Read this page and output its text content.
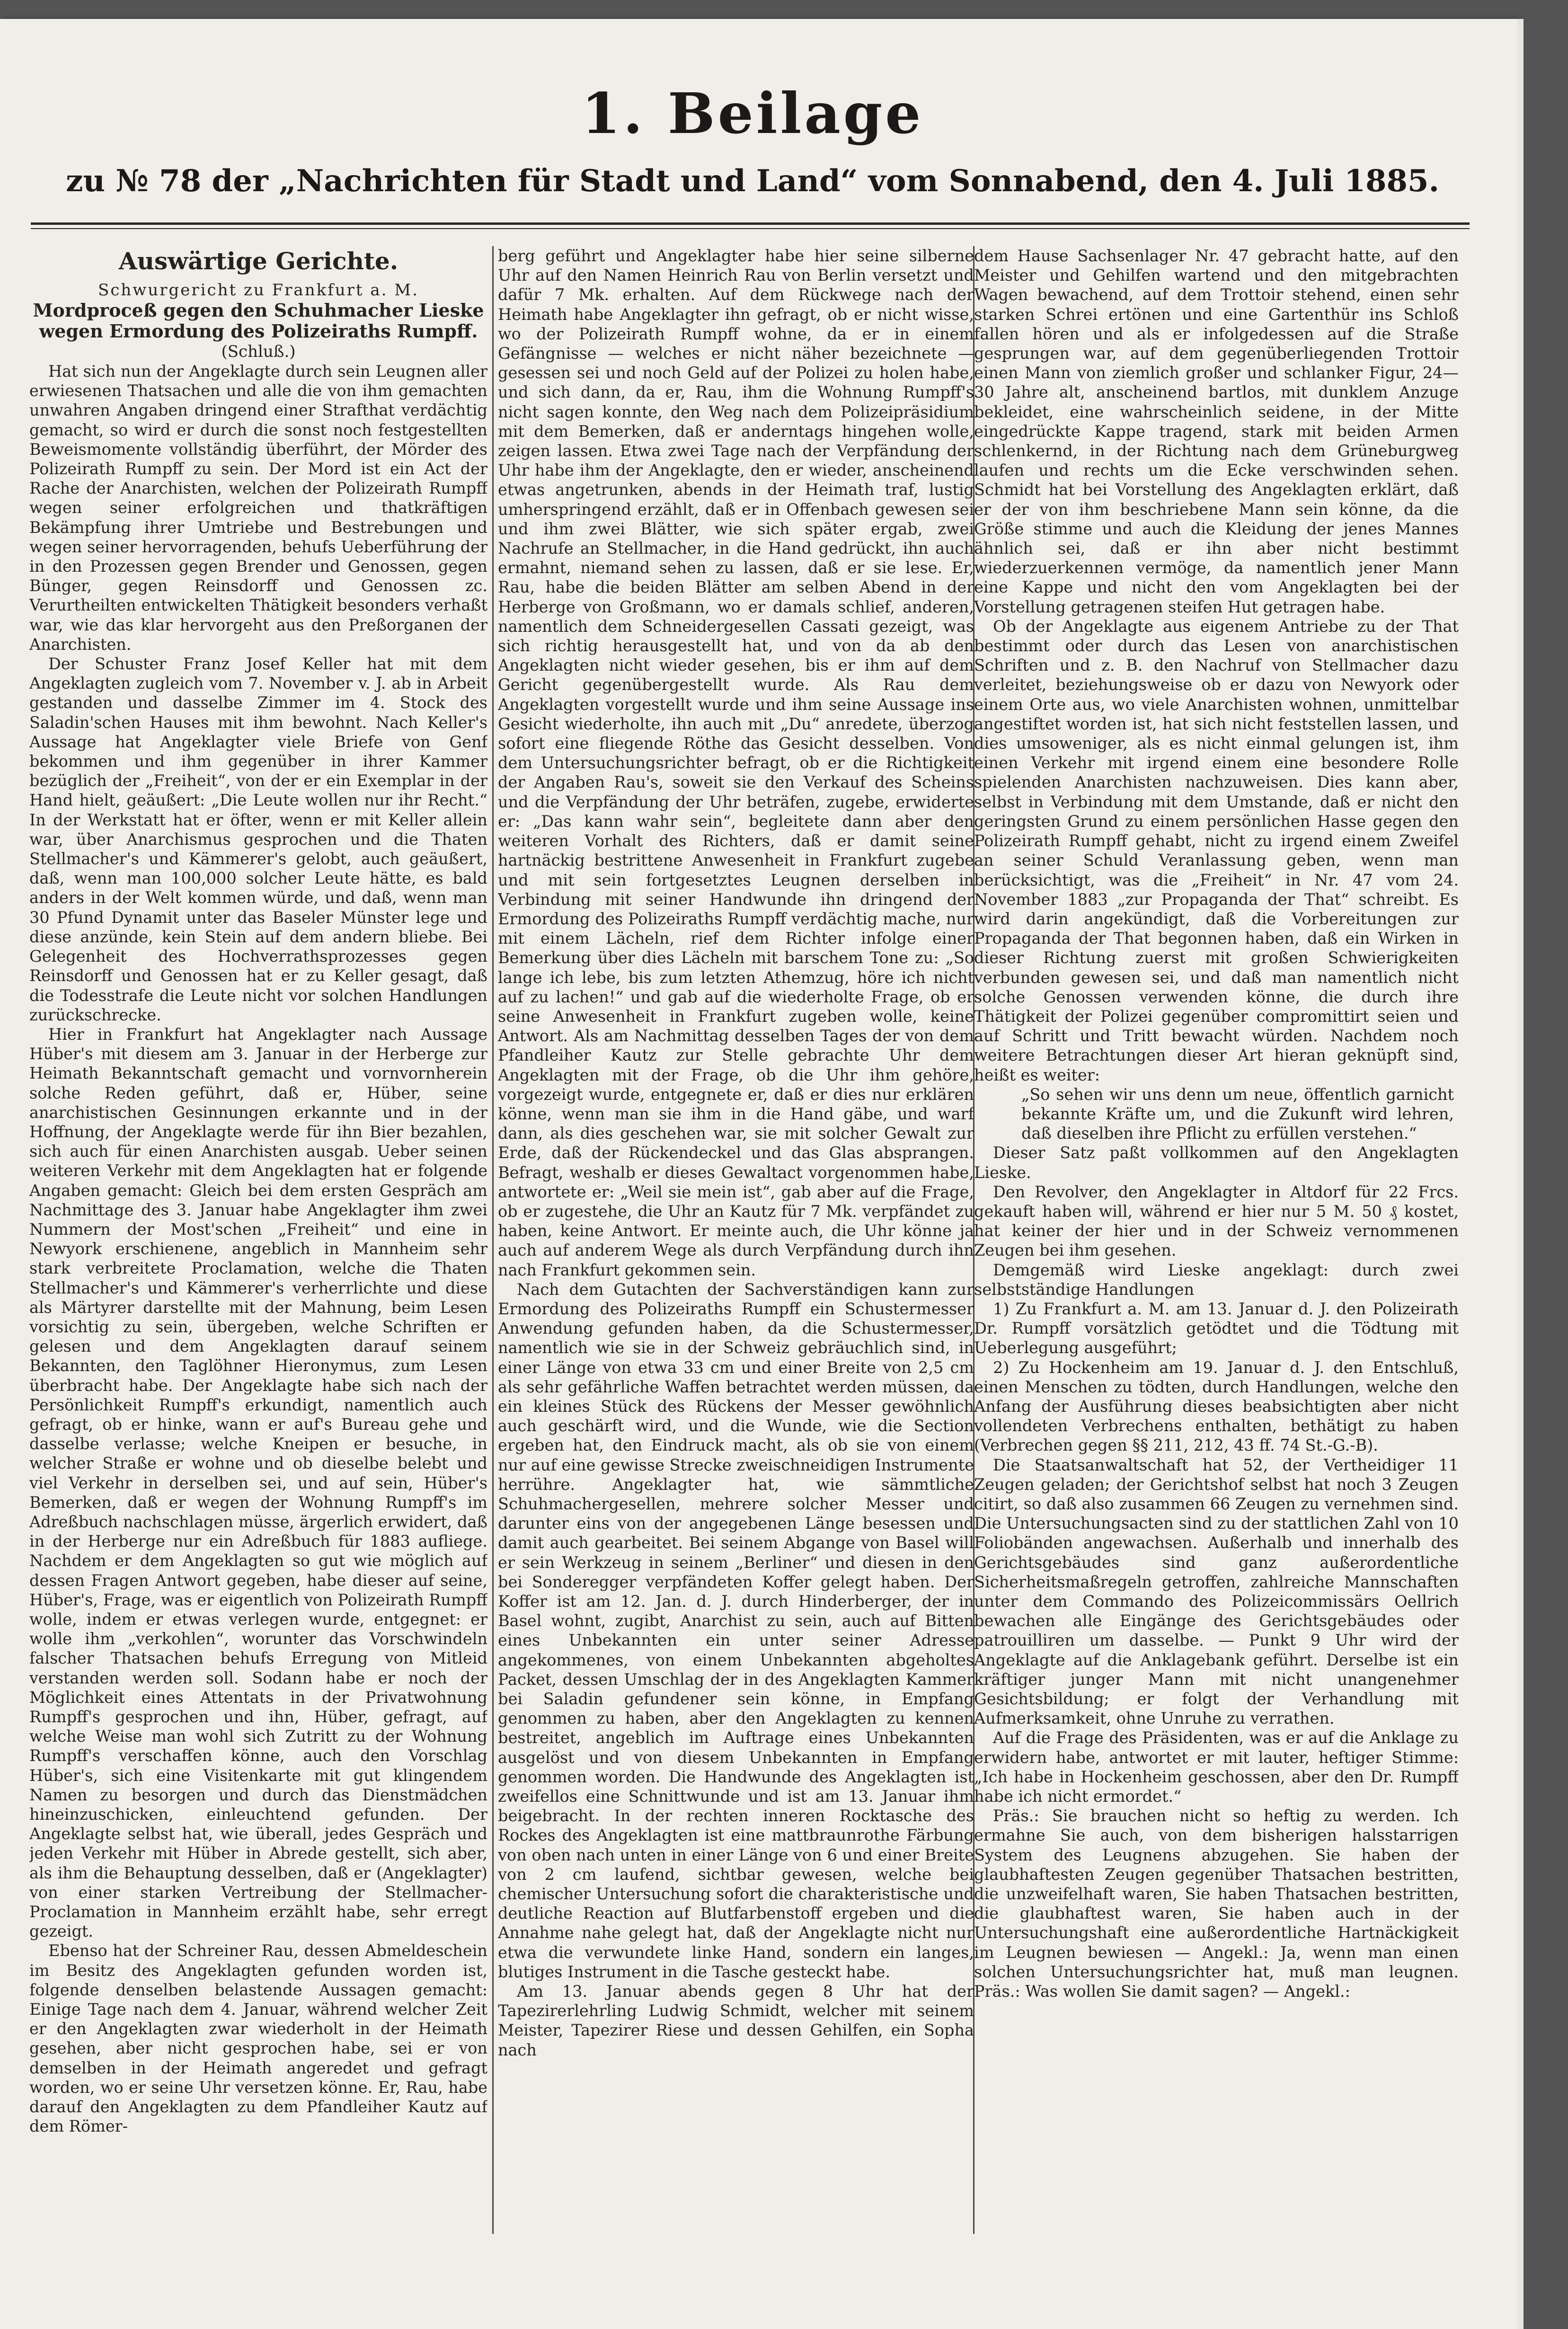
1. Beilage
zu № 78 der „Nachrichten für Stadt und Land“ vom Sonnabend, den 4. Juli 1885.
Auswärtige Gerichte.
Schwurgericht zu Frankfurt a. M.
Mordproceß gegen den Schuhmacher Lieske wegen Ermordung des Polizeiraths Rumpff.
(Schluß.)

Hat sich nun der Angeklagte durch sein Leugnen aller erwiesenen Thatsachen und alle die von ihm gemachten unwahren Angaben dringend einer Strafthat verdächtig gemacht, so wird er durch die sonst noch festgestellten Beweismomente vollständig überführt, der Mörder des Polizeirath Rumpff zu sein. Der Mord ist ein Act der Rache der Anarchisten, welchen der Polizeirath Rumpff wegen seiner erfolgreichen und thatkräftigen Bekämpfung ihrer Umtriebe und Bestrebungen und wegen seiner hervorragenden, behufs Ueberführung der in den Prozessen gegen Brender und Genossen, gegen Bünger, gegen Reinsdorff und Genossen zc. Verurtheilten entwickelten Thätigkeit besonders verhaßt war, wie das klar hervorgeht aus den Preßorganen der Anarchisten.

Der Schuster Franz Josef Keller hat mit dem Angeklagten zugleich vom 7. November v. J. ab in Arbeit gestanden und dasselbe Zimmer im 4. Stock des Saladin'schen Hauses mit ihm bewohnt. Nach Keller's Aussage hat Angeklagter viele Briefe von Genf bekommen und ihm gegenüber in ihrer Kammer bezüglich der „Freiheit“, von der er ein Exemplar in der Hand hielt, geäußert: „Die Leute wollen nur ihr Recht.“ In der Werkstatt hat er öfter, wenn er mit Keller allein war, über Anarchismus gesprochen und die Thaten Stellmacher's und Kämmerer's gelobt, auch geäußert, daß, wenn man 100,000 solcher Leute hätte, es bald anders in der Welt kommen würde, und daß, wenn man 30 Pfund Dynamit unter das Baseler Münster lege und diese anzünde, kein Stein auf dem andern bliebe. Bei Gelegenheit des Hochverrathsprozesses gegen Reinsdorff und Genossen hat er zu Keller gesagt, daß die Todesstrafe die Leute nicht vor solchen Handlungen zurückschrecke.

Hier in Frankfurt hat Angeklagter nach Aussage Hüber's mit diesem am 3. Januar in der Herberge zur Heimath Bekanntschaft gemacht und vornvornherein solche Reden geführt, daß er, Hüber, seine anarchistischen Gesinnungen erkannte und in der Hoffnung, der Angeklagte werde für ihn Bier bezahlen, sich auch für einen Anarchisten ausgab. Ueber seinen weiteren Verkehr mit dem Angeklagten hat er folgende Angaben gemacht: Gleich bei dem ersten Gespräch am Nachmittage des 3. Januar habe Angeklagter ihm zwei Nummern der Most'schen „Freiheit“ und eine in Newyork erschienene, angeblich in Mannheim sehr stark verbreitete Proclamation, welche die Thaten Stellmacher's und Kämmerer's verherrlichte und diese als Märtyrer darstellte mit der Mahnung, beim Lesen vorsichtig zu sein, übergeben, welche Schriften er gelesen und dem Angeklagten darauf seinem Bekannten, den Taglöhner Hieronymus, zum Lesen überbracht habe. Der Angeklagte habe sich nach der Persönlichkeit Rumpff's erkundigt, namentlich auch gefragt, ob er hinke, wann er auf's Bureau gehe und dasselbe verlasse; welche Kneipen er besuche, in welcher Straße er wohne und ob dieselbe belebt und viel Verkehr in derselben sei, und auf sein, Hüber's Bemerken, daß er wegen der Wohnung Rumpff's im Adreßbuch nachschlagen müsse, ärgerlich erwidert, daß in der Herberge nur ein Adreßbuch für 1883 aufliege. Nachdem er dem Angeklagten so gut wie möglich auf dessen Fragen Antwort gegeben, habe dieser auf seine, Hüber's, Frage, was er eigentlich von Polizeirath Rumpff wolle, indem er etwas verlegen wurde, entgegnet: er wolle ihm „verkohlen“, worunter das Vorschwindeln falscher Thatsachen behufs Erregung von Mitleid verstanden werden soll. Sodann habe er noch der Möglichkeit eines Attentats in der Privatwohnung Rumpff's gesprochen und ihn, Hüber, gefragt, auf welche Weise man wohl sich Zutritt zu der Wohnung Rumpff's verschaffen könne, auch den Vorschlag Hüber's, sich eine Visitenkarte mit gut klingendem Namen zu besorgen und durch das Dienstmädchen hineinzuschicken, einleuchtend gefunden. Der Angeklagte selbst hat, wie überall, jedes Gespräch und jeden Verkehr mit Hüber in Abrede gestellt, sich aber, als ihm die Behauptung desselben, daß er (Angeklagter) von einer starken Vertreibung der Stellmacher-Proclamation in Mannheim erzählt habe, sehr erregt gezeigt.

Ebenso hat der Schreiner Rau, dessen Abmeldeschein im Besitz des Angeklagten gefunden worden ist, folgende denselben belastende Aussagen gemacht: Einige Tage nach dem 4. Januar, während welcher Zeit er den Angeklagten zwar wiederholt in der Heimath gesehen, aber nicht gesprochen habe, sei er von demselben in der Heimath angeredet und gefragt worden, wo er seine Uhr versetzen könne. Er, Rau, habe darauf den Angeklagten zu dem Pfandleiher Kautz auf dem Römer-

berg geführt und Angeklagter habe hier seine silberne Uhr auf den Namen Heinrich Rau von Berlin versetzt und dafür 7 Mk. erhalten. Auf dem Rückwege nach der Heimath habe Angeklagter ihn gefragt, ob er nicht wisse, wo der Polizeirath Rumpff wohne, da er in einem Gefängnisse — welches er nicht näher bezeichnete — gesessen sei und noch Geld auf der Polizei zu holen habe, und sich dann, da er, Rau, ihm die Wohnung Rumpff's nicht sagen konnte, den Weg nach dem Polizeipräsidium mit dem Bemerken, daß er anderntags hingehen wolle, zeigen lassen. Etwa zwei Tage nach der Verpfändung der Uhr habe ihm der Angeklagte, den er wieder, anscheinend etwas angetrunken, abends in der Heimath traf, lustig umherspringend erzählt, daß er in Offenbach gewesen sei und ihm zwei Blätter, wie sich später ergab, zwei Nachrufe an Stellmacher, in die Hand gedrückt, ihn auch ermahnt, niemand sehen zu lassen, daß er sie lese. Er, Rau, habe die beiden Blätter am selben Abend in der Herberge von Großmann, wo er damals schlief, anderen, namentlich dem Schneidergesellen Cassati gezeigt, was sich richtig herausgestellt hat, und von da ab den Angeklagten nicht wieder gesehen, bis er ihm auf dem Gericht gegenübergestellt wurde. Als Rau dem Angeklagten vorgestellt wurde und ihm seine Aussage ins Gesicht wiederholte, ihn auch mit „Du“ anredete, überzog sofort eine fliegende Röthe das Gesicht desselben. Von dem Untersuchungsrichter befragt, ob er die Richtigkeit der Angaben Rau's, soweit sie den Verkauf des Scheins und die Verpfändung der Uhr beträfen, zugebe, erwiderte er: „Das kann wahr sein“, begleitete dann aber den weiteren Vorhalt des Richters, daß er damit seine hartnäckig bestrittene Anwesenheit in Frankfurt zugebe und mit sein fortgesetztes Leugnen derselben in Verbindung mit seiner Handwunde ihn dringend der Ermordung des Polizeiraths Rumpff verdächtig mache, nur mit einem Lächeln, rief dem Richter infolge einer Bemerkung über dies Lächeln mit barschem Tone zu: „So lange ich lebe, bis zum letzten Athemzug, höre ich nicht auf zu lachen!“ und gab auf die wiederholte Frage, ob er seine Anwesenheit in Frankfurt zugeben wolle, keine Antwort. Als am Nachmittag desselben Tages der von dem Pfandleiher Kautz zur Stelle gebrachte Uhr dem Angeklagten mit der Frage, ob die Uhr ihm gehöre, vorgezeigt wurde, entgegnete er, daß er dies nur erklären könne, wenn man sie ihm in die Hand gäbe, und warf dann, als dies geschehen war, sie mit solcher Gewalt zur Erde, daß der Rückendeckel und das Glas absprangen. Befragt, weshalb er dieses Gewaltact vorgenommen habe, antwortete er: „Weil sie mein ist“, gab aber auf die Frage, ob er zugestehe, die Uhr an Kautz für 7 Mk. verpfändet zu haben, keine Antwort. Er meinte auch, die Uhr könne ja auch auf anderem Wege als durch Verpfändung durch ihn nach Frankfurt gekommen sein.

Nach dem Gutachten der Sachverständigen kann zur Ermordung des Polizeiraths Rumpff ein Schustermesser Anwendung gefunden haben, da die Schustermesser, namentlich wie sie in der Schweiz gebräuchlich sind, in einer Länge von etwa 33 cm und einer Breite von 2,5 cm als sehr gefährliche Waffen betrachtet werden müssen, da ein kleines Stück des Rückens der Messer gewöhnlich auch geschärft wird, und die Wunde, wie die Section ergeben hat, den Eindruck macht, als ob sie von einem nur auf eine gewisse Strecke zweischneidigen Instrumente herrühre. Angeklagter hat, wie sämmtliche Schuhmachergesellen, mehrere solcher Messer und darunter eins von der angegebenen Länge besessen und damit auch gearbeitet. Bei seinem Abgange von Basel will er sein Werkzeug in seinem „Berliner“ und diesen in den bei Sonderegger verpfändeten Koffer gelegt haben. Der Koffer ist am 12. Jan. d. J. durch Hinderberger, der in Basel wohnt, zugibt, Anarchist zu sein, auch auf Bitten eines Unbekannten ein unter seiner Adresse angekommenes, von einem Unbekannten abgeholtes Packet, dessen Umschlag der in des Angeklagten Kammer bei Saladin gefundener sein könne, in Empfang genommen zu haben, aber den Angeklagten zu kennen bestreitet, angeblich im Auftrage eines Unbekannten ausgelöst und von diesem Unbekannten in Empfang genommen worden. Die Handwunde des Angeklagten ist zweifellos eine Schnittwunde und ist am 13. Januar ihm beigebracht. In der rechten inneren Rocktasche des Rockes des Angeklagten ist eine mattbraunrothe Färbung von oben nach unten in einer Länge von 6 und einer Breite von 2 cm laufend, sichtbar gewesen, welche bei chemischer Untersuchung sofort die charakteristische und deutliche Reaction auf Blutfarbenstoff ergeben und die Annahme nahe gelegt hat, daß der Angeklagte nicht nur etwa die verwundete linke Hand, sondern ein langes, blutiges Instrument in die Tasche gesteckt habe.

Am 13. Januar abends gegen 8 Uhr hat der Tapezirerlehrling Ludwig Schmidt, welcher mit seinem Meister, Tapezirer Riese und dessen Gehilfen, ein Sopha nach

dem Hause Sachsenlager Nr. 47 gebracht hatte, auf den Meister und Gehilfen wartend und den mitgebrachten Wagen bewachend, auf dem Trottoir stehend, einen sehr starken Schrei ertönen und eine Gartenthür ins Schloß fallen hören und als er infolgedessen auf die Straße gesprungen war, auf dem gegenüberliegenden Trottoir einen Mann von ziemlich großer und schlanker Figur, 24—30 Jahre alt, anscheinend bartlos, mit dunklem Anzuge bekleidet, eine wahrscheinlich seidene, in der Mitte eingedrückte Kappe tragend, stark mit beiden Armen schlenkernd, in der Richtung nach dem Grüneburgweg laufen und rechts um die Ecke verschwinden sehen. Schmidt hat bei Vorstellung des Angeklagten erklärt, daß er der von ihm beschriebene Mann sein könne, da die Größe stimme und auch die Kleidung der jenes Mannes ähnlich sei, daß er ihn aber nicht bestimmt wiederzuerkennen vermöge, da namentlich jener Mann eine Kappe und nicht den vom Angeklagten bei der Vorstellung getragenen steifen Hut getragen habe.

Ob der Angeklagte aus eigenem Antriebe zu der That bestimmt oder durch das Lesen von anarchistischen Schriften und z. B. den Nachruf von Stellmacher dazu verleitet, beziehungsweise ob er dazu von Newyork oder einem Orte aus, wo viele Anarchisten wohnen, unmittelbar angestiftet worden ist, hat sich nicht feststellen lassen, und dies umsoweniger, als es nicht einmal gelungen ist, ihm einen Verkehr mit irgend einem eine besondere Rolle spielenden Anarchisten nachzuweisen. Dies kann aber, selbst in Verbindung mit dem Umstande, daß er nicht den geringsten Grund zu einem persönlichen Hasse gegen den Polizeirath Rumpff gehabt, nicht zu irgend einem Zweifel an seiner Schuld Veranlassung geben, wenn man berücksichtigt, was die „Freiheit“ in Nr. 47 vom 24. November 1883 „zur Propaganda der That“ schreibt. Es wird darin angekündigt, daß die Vorbereitungen zur Propaganda der That begonnen haben, daß ein Wirken in dieser Richtung zuerst mit großen Schwierigkeiten verbunden gewesen sei, und daß man namentlich nicht solche Genossen verwenden könne, die durch ihre Thätigkeit der Polizei gegenüber compromittirt seien und auf Schritt und Tritt bewacht würden. Nachdem noch weitere Betrachtungen dieser Art hieran geknüpft sind, heißt es weiter:

„So sehen wir uns denn um neue, öffentlich garnicht bekannte Kräfte um, und die Zukunft wird lehren, daß dieselben ihre Pflicht zu erfüllen verstehen.“

Dieser Satz paßt vollkommen auf den Angeklagten Lieske.

Den Revolver, den Angeklagter in Altdorf für 22 Frcs. gekauft haben will, während er hier nur 5 M. 50 ₰ kostet, hat keiner der hier und in der Schweiz vernommenen Zeugen bei ihm gesehen.

Demgemäß wird Lieske angeklagt: durch zwei selbstständige Handlungen

1) Zu Frankfurt a. M. am 13. Januar d. J. den Polizeirath Dr. Rumpff vorsätzlich getödtet und die Tödtung mit Ueberlegung ausgeführt;

2) Zu Hockenheim am 19. Januar d. J. den Entschluß, einen Menschen zu tödten, durch Handlungen, welche den Anfang der Ausführung dieses beabsichtigten aber nicht vollendeten Verbrechens enthalten, bethätigt zu haben (Verbrechen gegen §§ 211, 212, 43 ff. 74 St.-G.-B).

Die Staatsanwaltschaft hat 52, der Vertheidiger 11 Zeugen geladen; der Gerichtshof selbst hat noch 3 Zeugen citirt, so daß also zusammen 66 Zeugen zu vernehmen sind. Die Untersuchungsacten sind zu der stattlichen Zahl von 10 Foliobänden angewachsen. Außerhalb und innerhalb des Gerichtsgebäudes sind ganz außerordentliche Sicherheitsmaßregeln getroffen, zahlreiche Mannschaften unter dem Commando des Polizeicommissärs Oellrich bewachen alle Eingänge des Gerichtsgebäudes oder patrouilliren um dasselbe. — Punkt 9 Uhr wird der Angeklagte auf die Anklagebank geführt. Derselbe ist ein kräftiger junger Mann mit nicht unangenehmer Gesichtsbildung; er folgt der Verhandlung mit Aufmerksamkeit, ohne Unruhe zu verrathen.

Auf die Frage des Präsidenten, was er auf die Anklage zu erwidern habe, antwortet er mit lauter, heftiger Stimme: „Ich habe in Hockenheim geschossen, aber den Dr. Rumpff habe ich nicht ermordet.“

Präs.: Sie brauchen nicht so heftig zu werden. Ich ermahne Sie auch, von dem bisherigen halsstarrigen System des Leugnens abzugehen. Sie haben der glaubhaftesten Zeugen gegenüber Thatsachen bestritten, die unzweifelhaft waren, Sie haben Thatsachen bestritten, die glaubhaftest waren, Sie haben auch in der Untersuchungshaft eine außerordentliche Hartnäckigkeit im Leugnen bewiesen — Angekl.: Ja, wenn man einen solchen Untersuchungsrichter hat, muß man leugnen. Präs.: Was wollen Sie damit sagen? — Angekl.:
